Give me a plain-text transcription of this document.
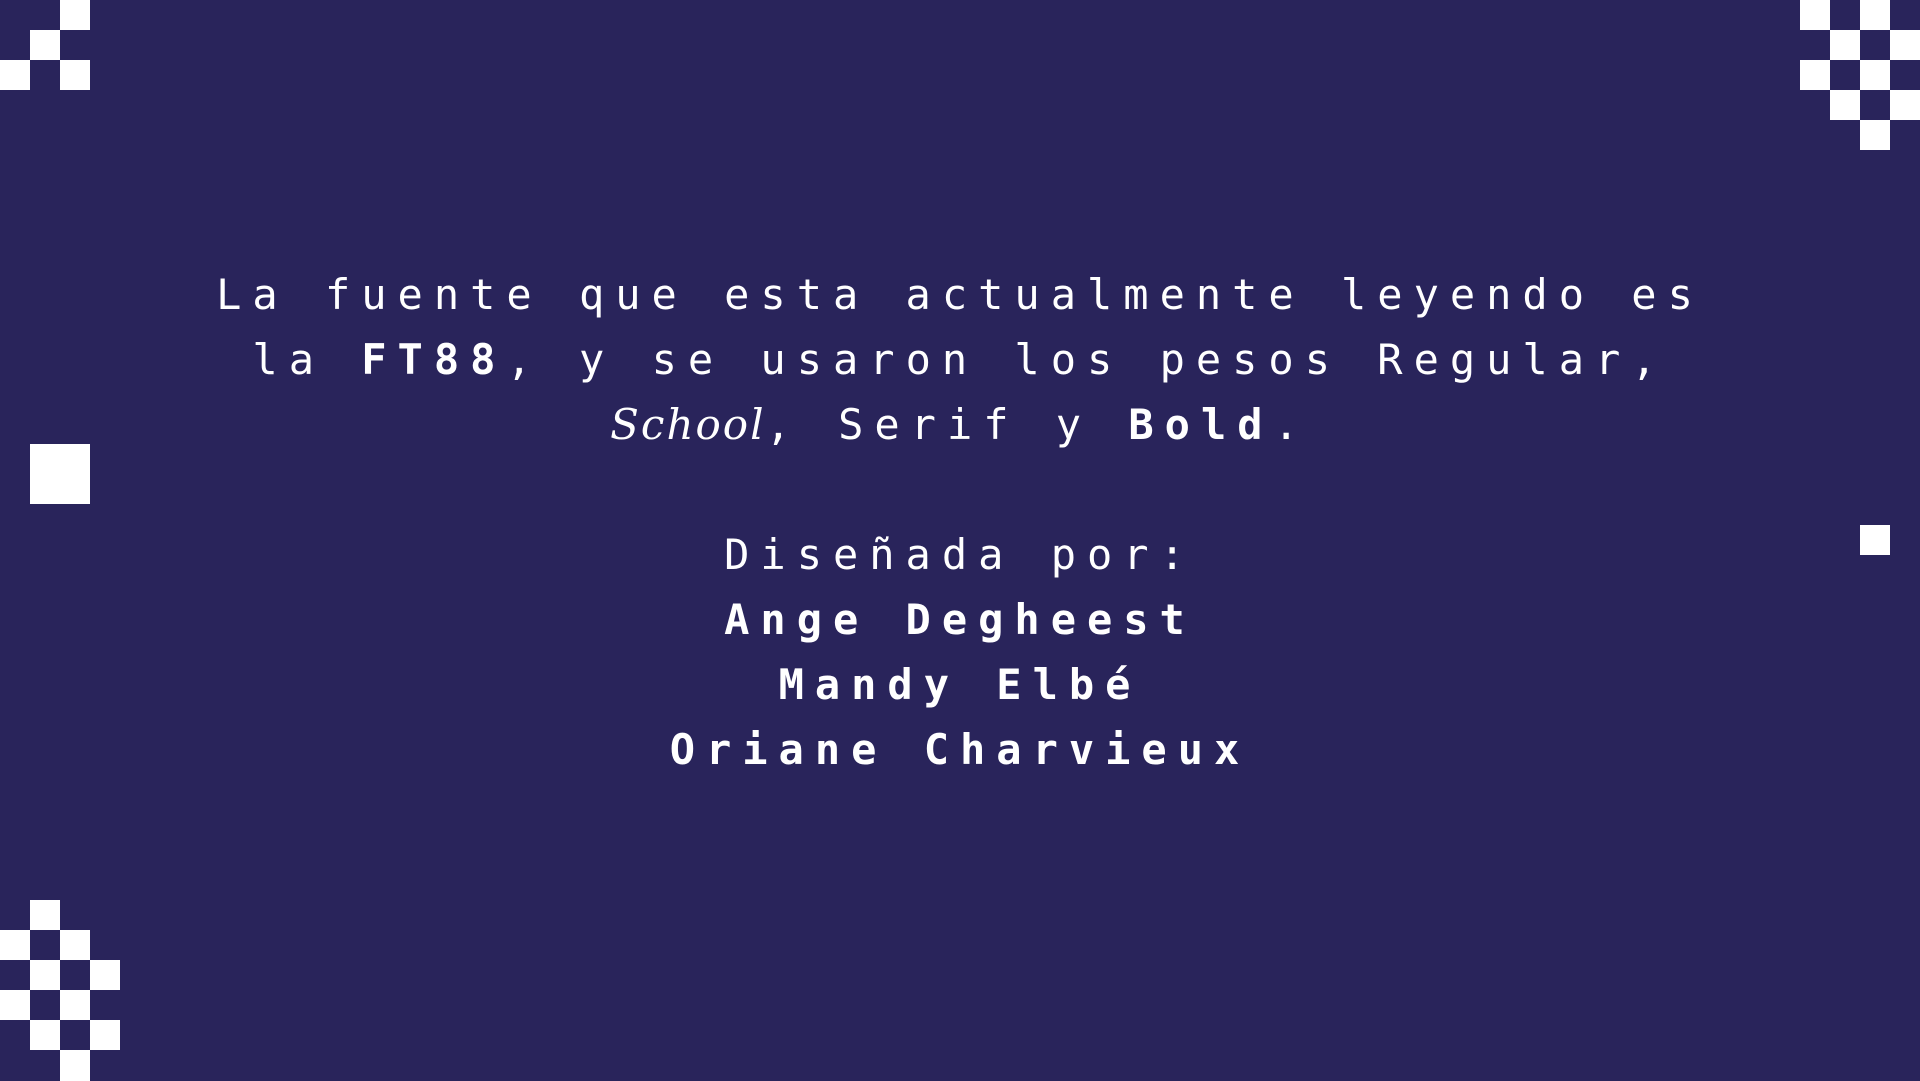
La fuente que esta actualmente leyendo es

la FT88, y se usaron los pesos Regular,

School, Serif y Bold.

Diseñada por:

Ange Degheest

Mandy Elbé

Oriane Charvieux
